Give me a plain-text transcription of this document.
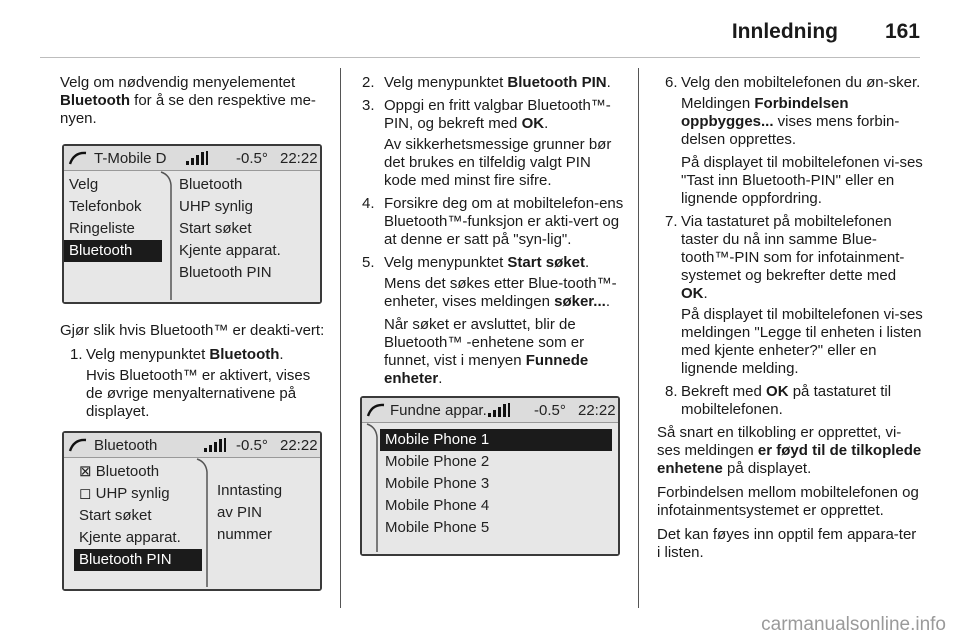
Innledning 161

Velg om nødvendig menyelementet Bluetooth for å se den respektive me-nyen.

T-Mobile D	-0.5° 22:22
Velg
Telefonbok
Ringeliste
Bluetooth
Bluetooth
UHP synlig
Start søket
Kjente apparat.
Bluetooth PIN

Gjør slik hvis Bluetooth™ er deakti-vert:

1. Velg menypunktet Bluetooth.
Hvis Bluetooth™ er aktivert, vises de øvrige menyalternativene på displayet.
Bluetooth	-0.5° 22:22
⊠ Bluetooth
◻ UHP synlig
Start søket
Kjente apparat.
Bluetooth PIN
Inntasting
av PIN
nummer
2. Velg menypunktet Bluetooth PIN.
3. Oppgi en fritt valgbar Bluetooth™-PIN, og bekreft med OK.
Av sikkerhetsmessige grunner bør det brukes en tilfeldig valgt PIN kode med minst fire sifre.
4. Forsikre deg om at mobiltelefon-ens Bluetooth™-funksjon er akti-vert og at denne er satt på "syn-lig".
5. Velg menypunktet Start søket.
Mens det søkes etter Blue-tooth™-enheter, vises meldingen søker....
Når søket er avsluttet, blir de Bluetooth™ -enhetene som er funnet, vist i menyen Funnede enheter.
Fundne appar.	-0.5° 22:22
Mobile Phone 1
Mobile Phone 2
Mobile Phone 3
Mobile Phone 4
Mobile Phone 5
6. Velg den mobiltelefonen du øn-sker.
Meldingen Forbindelsen oppbygges... vises mens forbin-delsen opprettes.
På displayet til mobiltelefonen vi-ses "Tast inn Bluetooth-PIN" eller en lignende oppfordring.
7. Via tastaturet på mobiltelefonen taster du nå inn samme Blue-tooth™-PIN som for infotainment-systemet og bekrefter dette med OK.
På displayet til mobiltelefonen vi-ses meldingen "Legge til enheten i listen med kjente enheter?" eller en lignende melding.
8. Bekreft med OK på tastaturet til mobiltelefonen.

Så snart en tilkobling er opprettet, vi-ses meldingen er føyd til de tilkoplede enhetene på displayet.

Forbindelsen mellom mobiltelefonen og infotainmentsystemet er opprettet.

Det kan føyes inn opptil fem appara-ter i listen.

carmanualsonline.info
